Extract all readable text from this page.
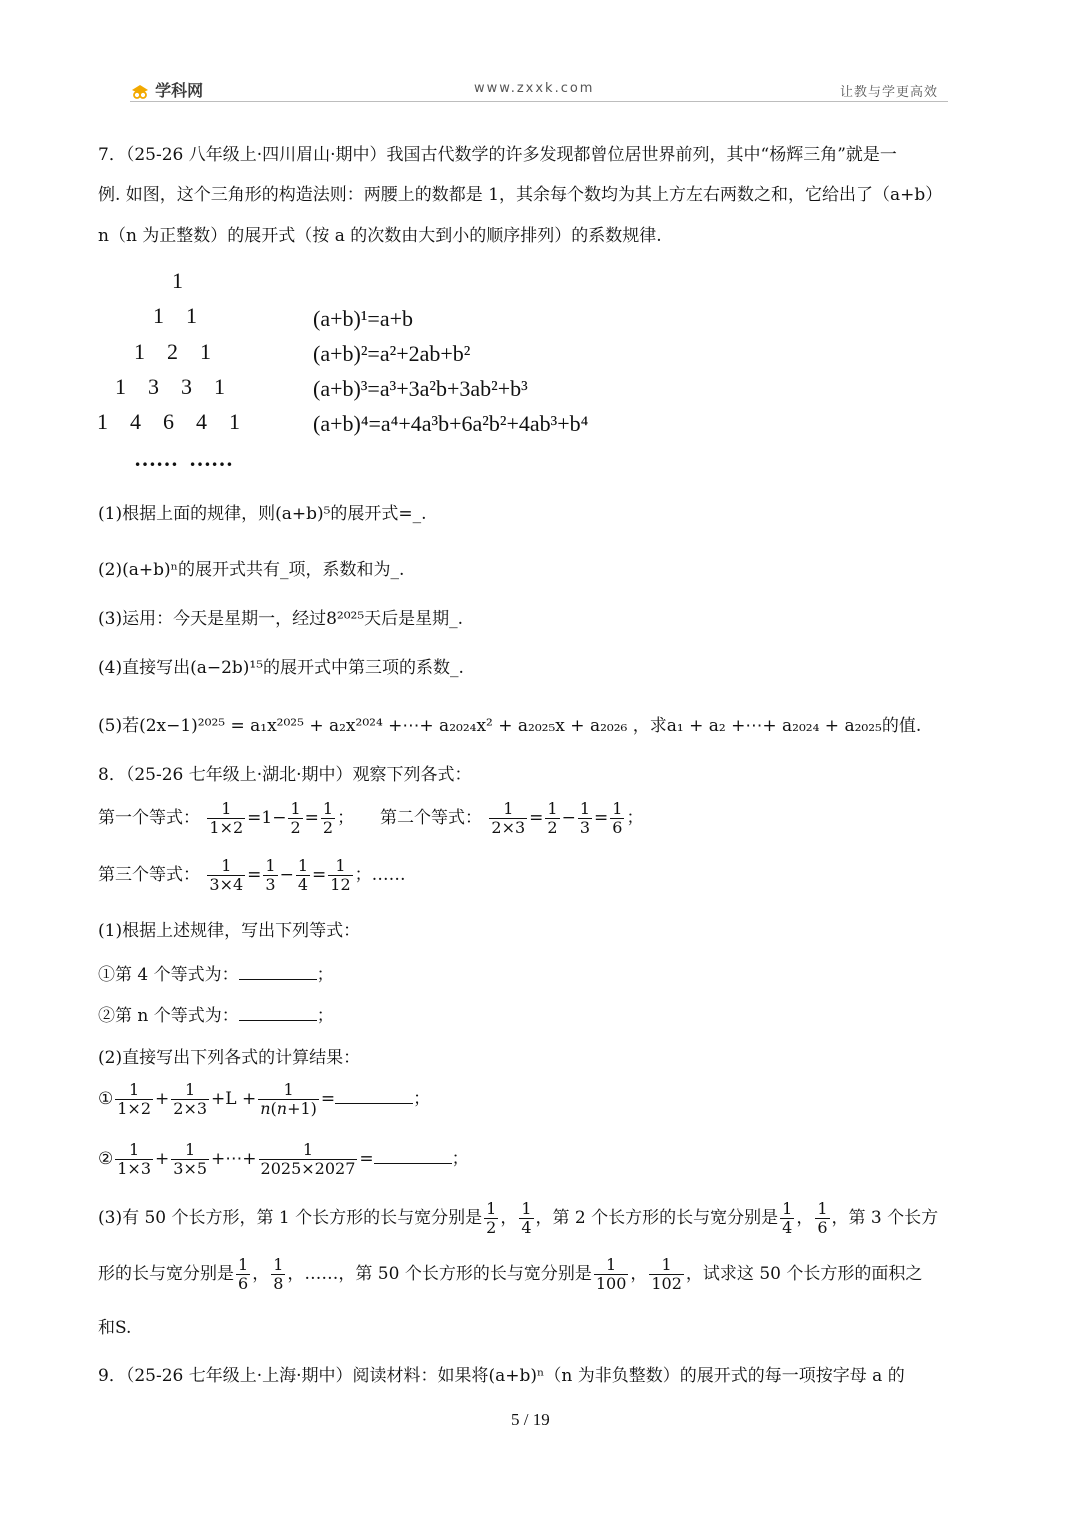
学科网	www.zxxk.com	让教与学更高效
7．（25-26 八年级上·四川眉山·期中）我国古代数学的许多发现都曾位居世界前列，其中“杨辉三角”就是一
例. 如图，这个三角形的构造法则：两腰上的数都是 1，其余每个数均为其上方左右两数之和，它给出了（a+b）
n（n 为正整数）的展开式（按 a 的次数由大到小的顺序排列）的系数规律.
1
1    1
1    2    1
1    3    3    1
1    4    6    4    1
……  ……
(a+b)¹=a+b
(a+b)²=a²+2ab+b²
(a+b)³=a³+3a²b+3ab²+b³
(a+b)⁴=a⁴+4a³b+6a²b²+4ab³+b⁴
(1)根据上面的规律，则(a+b)⁵的展开式=_.
(2)(a+b)ⁿ的展开式共有_项，系数和为_.
(3)运用：今天是星期一，经过8²⁰²⁵天后是星期_.
(4)直接写出(a−2b)¹⁵的展开式中第三项的系数_.
(5)若(2x−1)²⁰²⁵ = a₁x²⁰²⁵ + a₂x²⁰²⁴ +⋯+ a₂₀₂₄x² + a₂₀₂₅x + a₂₀₂₆ ，求a₁ + a₂ +⋯+ a₂₀₂₄ + a₂₀₂₅的值.
8．（25-26 七年级上·湖北·期中）观察下列各式：
第一个等式： $\frac{1}{1\times 2} =1- \frac{1}{2} = \frac{1}{2}$ ； 第二个等式： $\frac{1}{2\times 3} = \frac{1}{2} - \frac{1}{3} = \frac{1}{6}$ ；
第三个等式： $\frac{1}{3\times 4} = \frac{1}{3} - \frac{1}{4} = \frac{1}{12}$ ；……
(1)根据上述规律，写出下列等式：
①第 4 个等式为：	；
②第 n 个等式为：	；
(2)直接写出下列各式的计算结果：
① $\frac{1}{1\times 2} + \frac{1}{2\times 3} +L + \frac{1}{n(n+1)}$ =	；
② $\frac{1}{1\times 3} + \frac{1}{3\times 5}$ +⋯+ $\frac{1}{2025\times 2027}$ =	；
(3)有 50 个长方形，第 1 个长方形的长与宽分别是 $\frac{1}{2}$ ， $\frac{1}{4}$ ，第 2 个长方形的长与宽分别是 $\frac{1}{4}$ ， $\frac{1}{6}$ ，第 3 个长方
形的长与宽分别是 $\frac{1}{6}$ ， $\frac{1}{8}$ ，……，第 50 个长方形的长与宽分别是 $\frac{1}{100}$ ， $\frac{1}{102}$ ，试求这 50 个长方形的面积之
和S.
9．（25-26 七年级上·上海·期中）阅读材料：如果将(a+b)ⁿ（n 为非负整数）的展开式的每一项按字母 a 的
5 / 19
